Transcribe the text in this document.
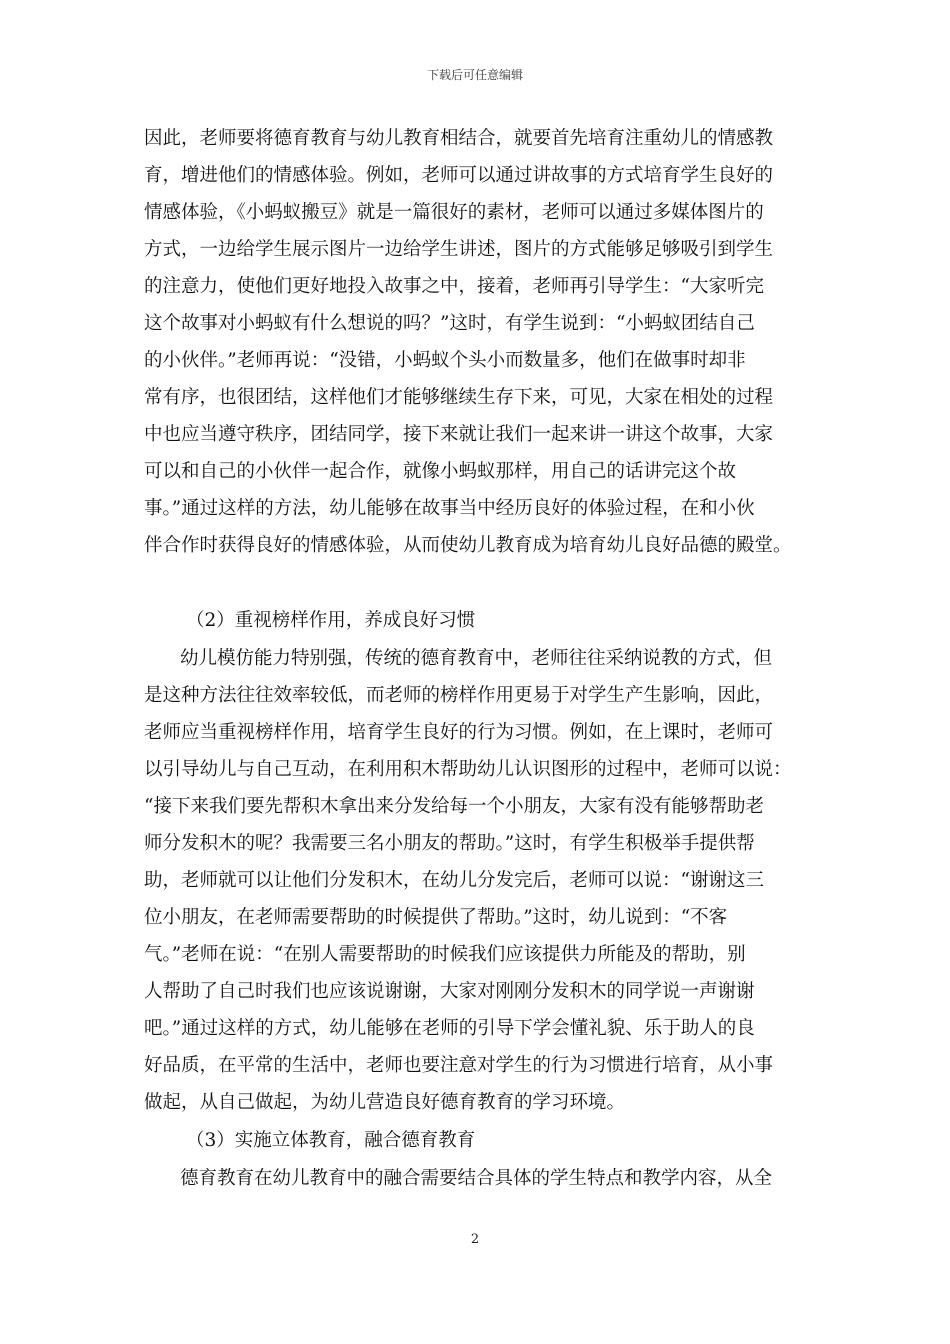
下载后可任意编辑
因此，老师要将德育教育与幼儿教育相结合，就要首先培育注重幼儿的情感教
育，增进他们的情感体验。例如，老师可以通过讲故事的方式培育学生良好的
情感体验，《小蚂蚁搬豆》就是一篇很好的素材，老师可以通过多媒体图片的
方式，一边给学生展示图片一边给学生讲述，图片的方式能够足够吸引到学生
的注意力，使他们更好地投入故事之中，接着，老师再引导学生：“大家听完
这个故事对小蚂蚁有什么想说的吗？”这时，有学生说到：“小蚂蚁团结自己
的小伙伴。”老师再说：“没错，小蚂蚁个头小而数量多，他们在做事时却非
常有序，也很团结，这样他们才能够继续生存下来，可见，大家在相处的过程
中也应当遵守秩序，团结同学，接下来就让我们一起来讲一讲这个故事，大家
可以和自己的小伙伴一起合作，就像小蚂蚁那样，用自己的话讲完这个故
事。”通过这样的方法，幼儿能够在故事当中经历良好的体验过程，在和小伙
伴合作时获得良好的情感体验，从而使幼儿教育成为培育幼儿良好品德的殿堂。
（2）重视榜样作用，养成良好习惯
幼儿模仿能力特别强，传统的德育教育中，老师往往采纳说教的方式，但
是这种方法往往效率较低，而老师的榜样作用更易于对学生产生影响，因此，
老师应当重视榜样作用，培育学生良好的行为习惯。例如，在上课时，老师可
以引导幼儿与自己互动，在利用积木帮助幼儿认识图形的过程中，老师可以说：
“接下来我们要先帮积木拿出来分发给每一个小朋友，大家有没有能够帮助老
师分发积木的呢？我需要三名小朋友的帮助。”这时，有学生积极举手提供帮
助，老师就可以让他们分发积木，在幼儿分发完后，老师可以说：“谢谢这三
位小朋友，在老师需要帮助的时候提供了帮助。”这时，幼儿说到：“不客
气。”老师在说：“在别人需要帮助的时候我们应该提供力所能及的帮助，别
人帮助了自己时我们也应该说谢谢，大家对刚刚分发积木的同学说一声谢谢
吧。”通过这样的方式，幼儿能够在老师的引导下学会懂礼貌、乐于助人的良
好品质，在平常的生活中，老师也要注意对学生的行为习惯进行培育，从小事
做起，从自己做起，为幼儿营造良好德育教育的学习环境。
（3）实施立体教育，融合德育教育
德育教育在幼儿教育中的融合需要结合具体的学生特点和教学内容，从全
2
